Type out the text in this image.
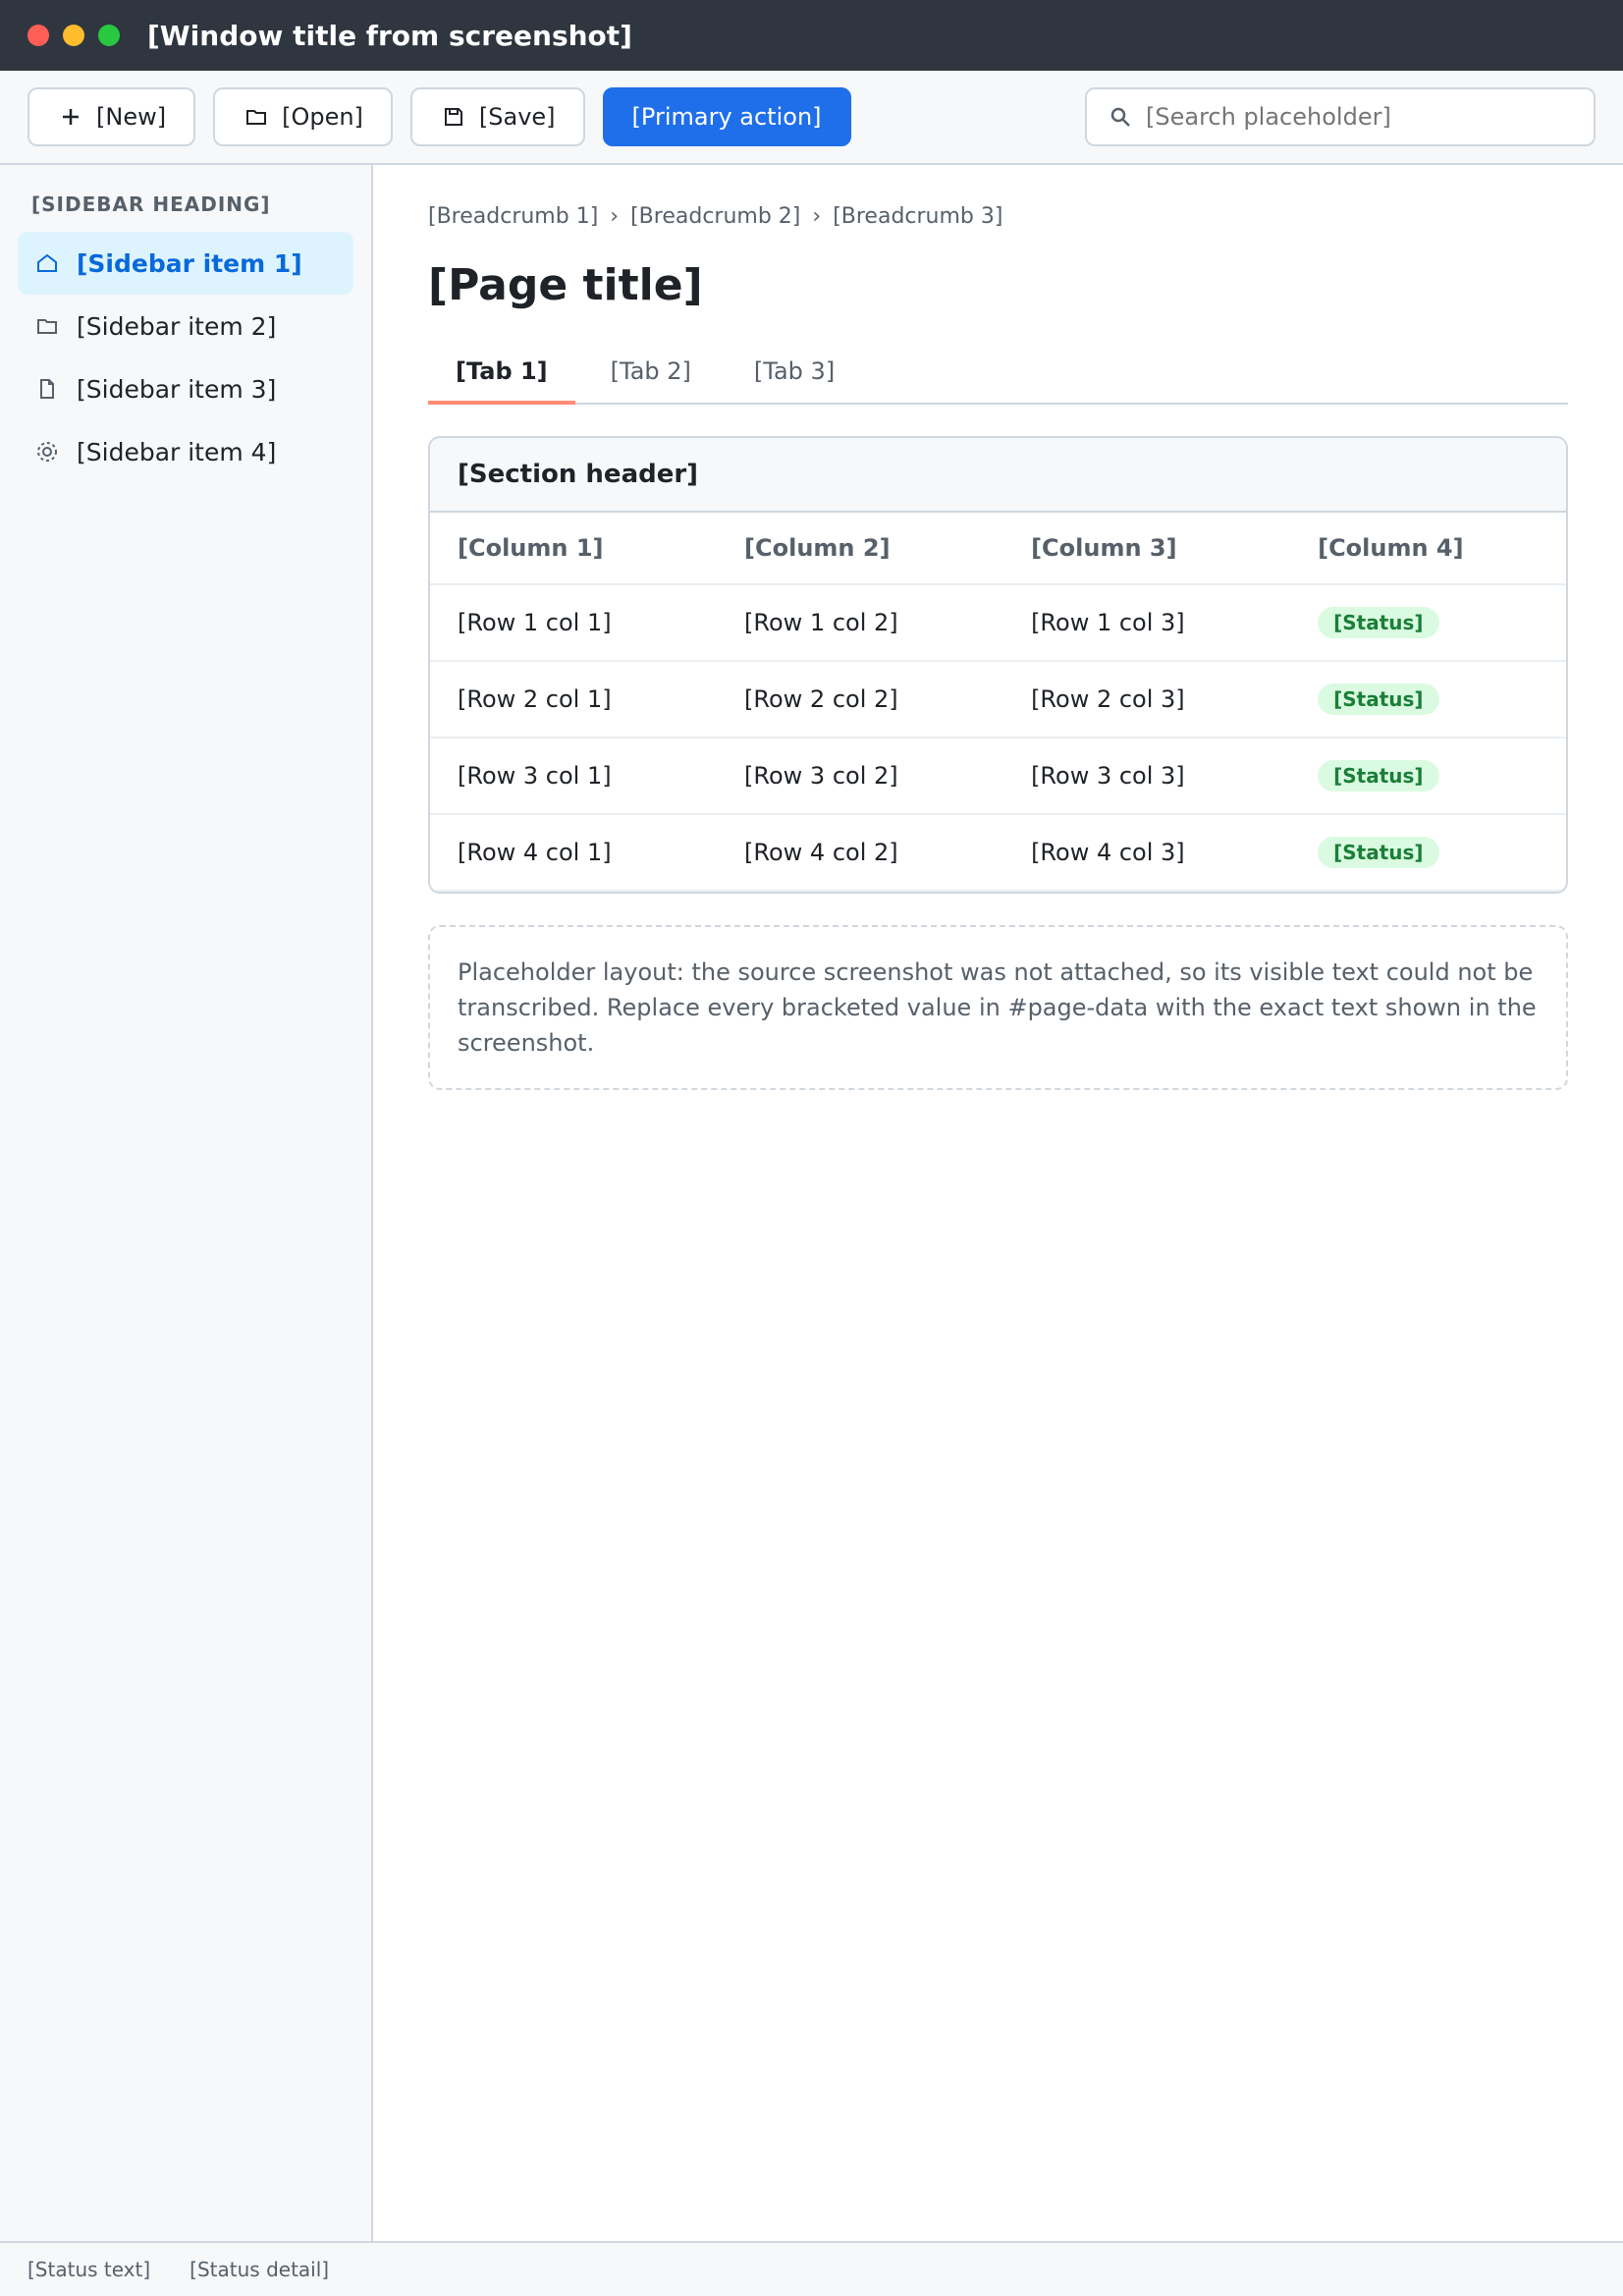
[Window title from screenshot]
[New]	[Open]	[Save]	[Primary action]
[Search placeholder]
[SIDEBAR HEADING]
[Sidebar item 1]
[Sidebar item 2]
[Sidebar item 3]
[Sidebar item 4]
[Breadcrumb 1] › [Breadcrumb 2] › [Breadcrumb 3]
[Page title]
[Tab 1]	[Tab 2]	[Tab 3]
[Section header]
[Column 1]	[Column 2]	[Column 3]	[Column 4]
[Row 1 col 1]	[Row 1 col 2]	[Row 1 col 3]	[Status]
[Row 2 col 1]	[Row 2 col 2]	[Row 2 col 3]	[Status]
[Row 3 col 1]	[Row 3 col 2]	[Row 3 col 3]	[Status]
[Row 4 col 1]	[Row 4 col 2]	[Row 4 col 3]	[Status]
Placeholder layout: the source screenshot was not attached, so its visible text could not be transcribed. Replace every bracketed value in #page-data with the exact text shown in the screenshot.
[Status text] [Status detail]
